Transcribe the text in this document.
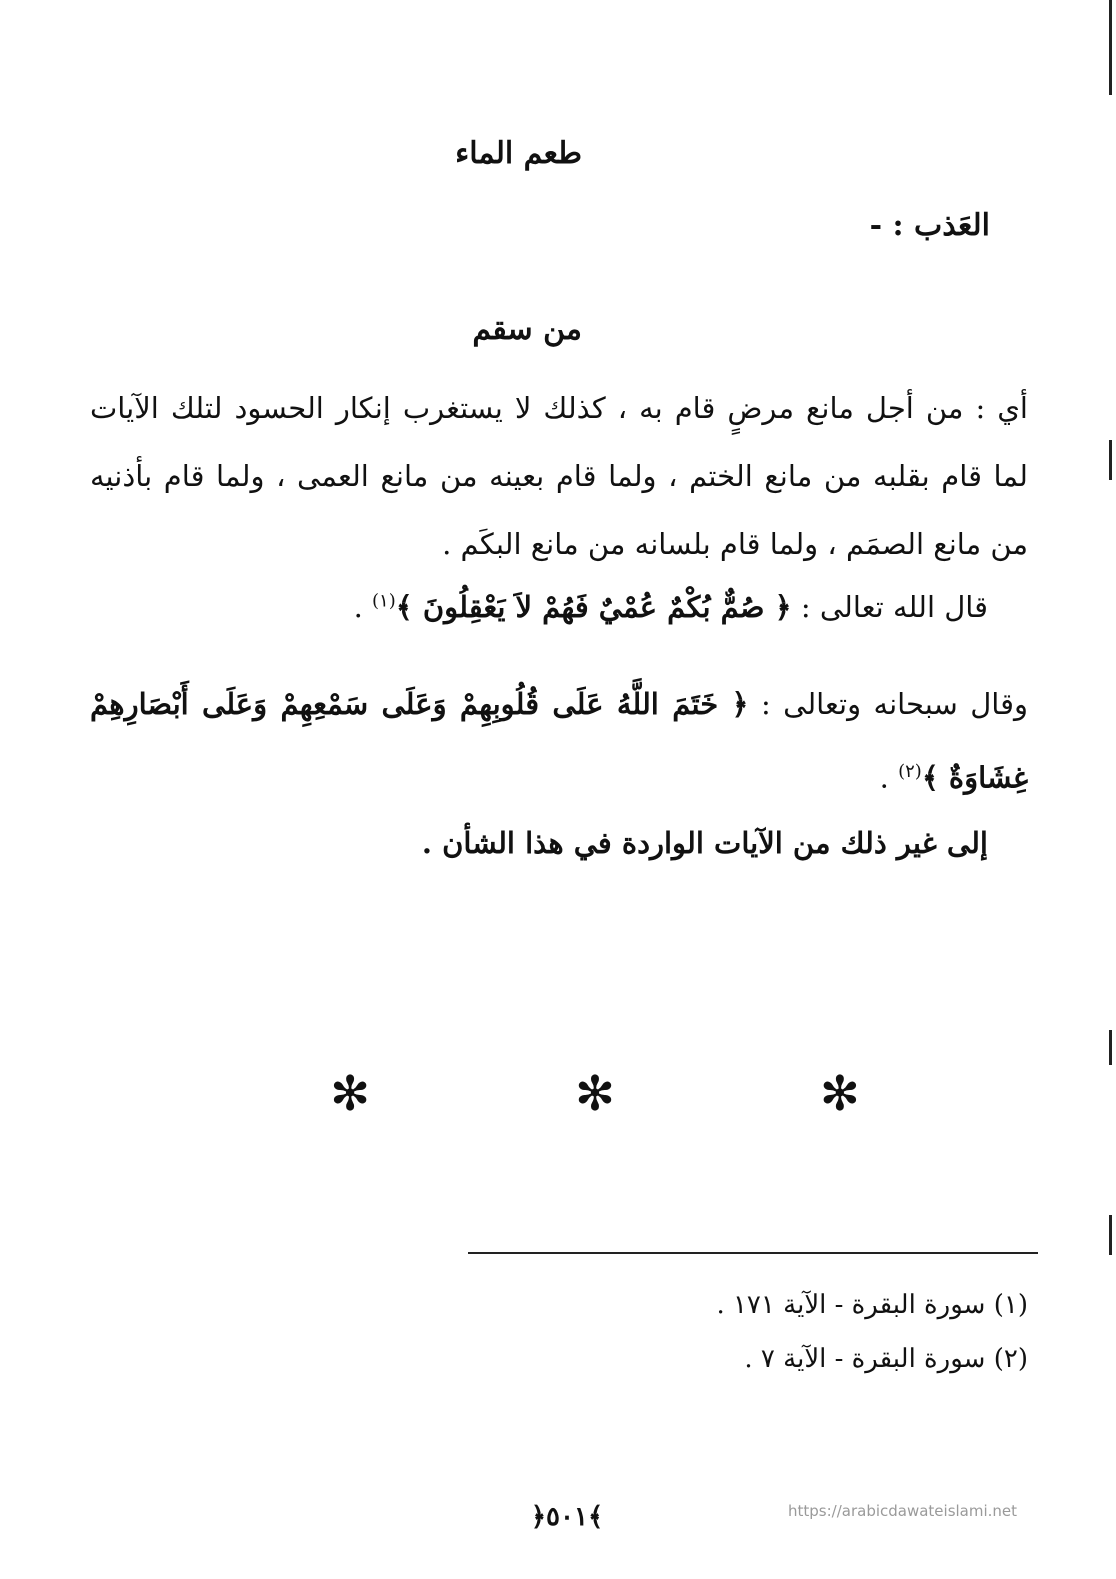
طعم الماء
العَذب : -
من سقم
أي : من أجل مانع مرضٍ قام به ، كذلك لا يستغرب إنكار الحسود لتلك الآيات لما قام بقلبه من مانع الختم ، ولما قام بعينه من مانع العمى ، ولما قام بأذنيه من مانع الصمَم ، ولما قام بلسانه من مانع البكَم .
قال الله تعالى : ﴿ صُمٌّ بُكْمٌ عُمْيٌ فَهُمْ لاَ يَعْقِلُونَ ﴾$^{(١)}$ .
وقال سبحانه وتعالى : ﴿ خَتَمَ اللَّهُ عَلَى قُلُوبِهِمْ وَعَلَى سَمْعِهِمْ وَعَلَى أَبْصَارِهِمْ غِشَاوَةٌ ﴾$^{(٢)}$ .
إلى غير ذلك من الآيات الواردة في هذا الشأن .
✻	✻	✻
(١) سورة البقرة - الآية ١٧١ .
(٢) سورة البقرة - الآية ٧ .
﴿٥٠١﴾	https://arabicdawateislami.net
